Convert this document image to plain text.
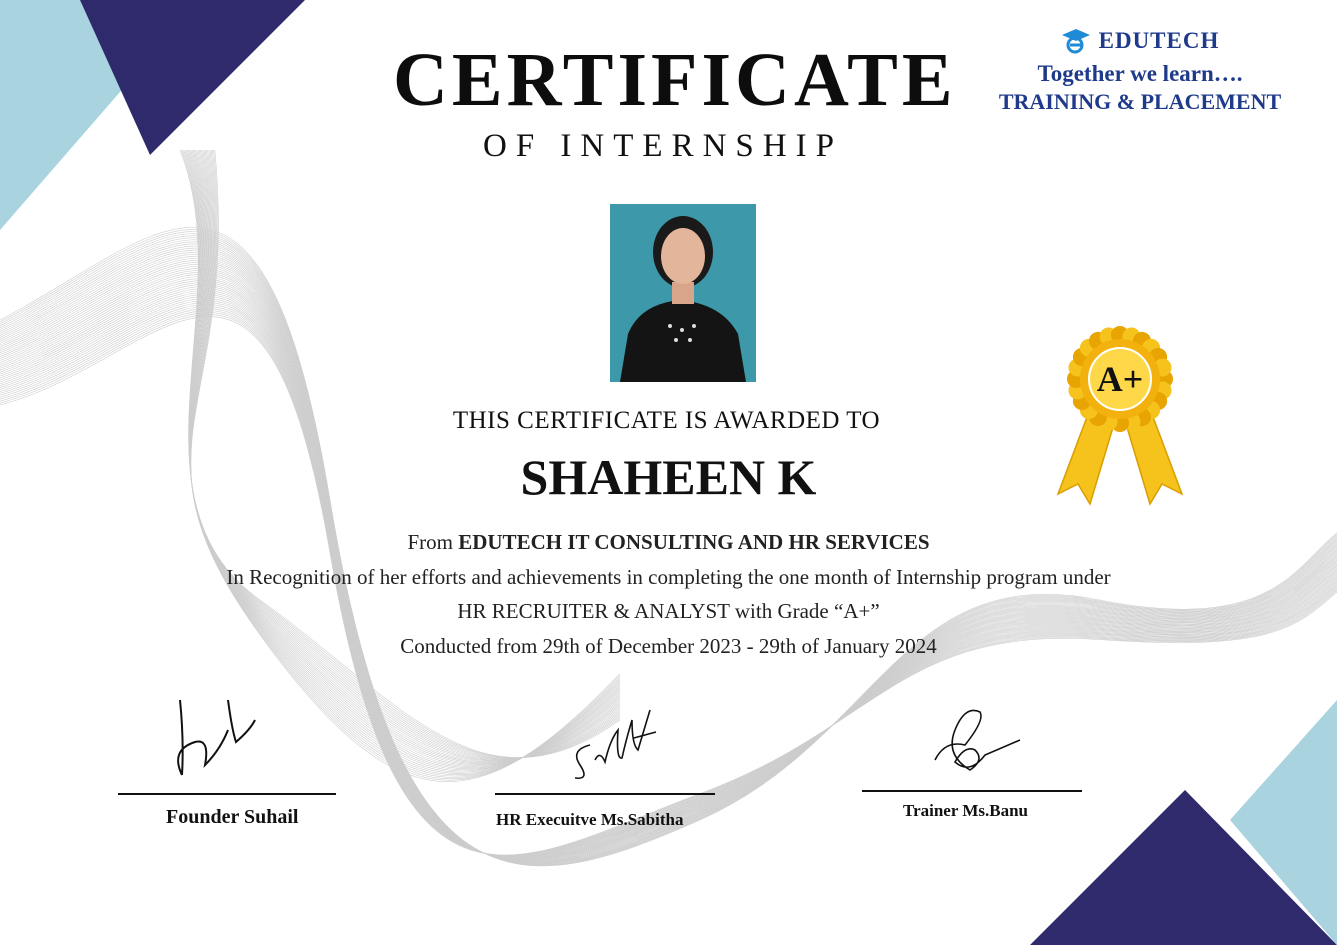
CERTIFICATE
OF INTERNSHIP
EDUTECH
Together we learn….
TRAINING & PLACEMENT
THIS CERTIFICATE IS AWARDED TO
SHAHEEN K
From EDUTECH IT CONSULTING AND HR SERVICES
In Recognition of her efforts and achievements in completing the one month of Internship program under
HR RECRUITER & ANALYST with Grade “A+”
Conducted from 29th of December 2023 - 29th of January 2024
A+
Founder Suhail	HR Execuitve Ms.Sabitha	Trainer Ms.Banu
